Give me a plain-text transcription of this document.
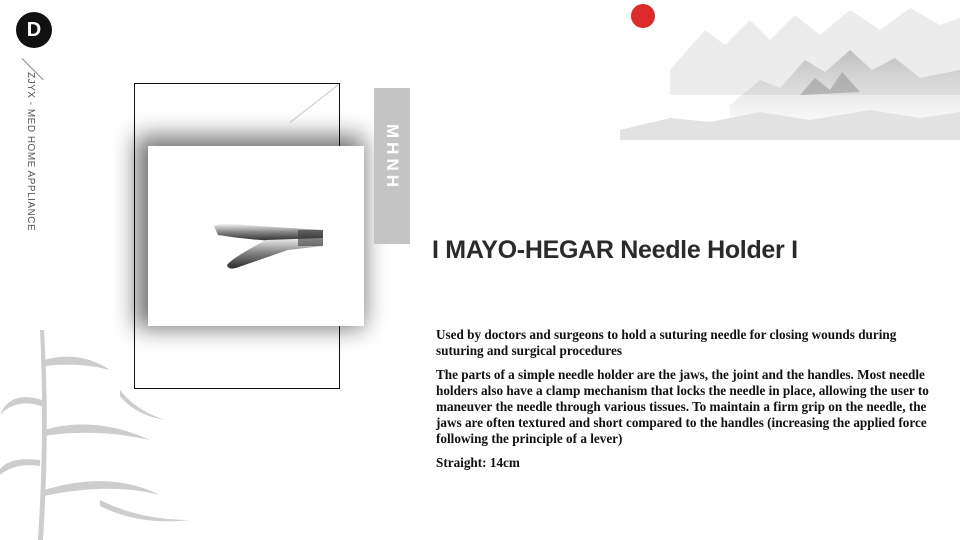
D
ZJYX - MED HOME APPLIANCE	MHNH
I MAYO-HEGAR Needle Holder I

Used by doctors and surgeons to hold a suturing needle for closing wounds during suturing and surgical procedures

The parts of a simple needle holder are the jaws, the joint and the handles. Most needle holders also have a clamp mechanism that locks the needle in place, allowing the user to maneuver the needle through various tissues. To maintain a firm grip on the needle, the jaws are often textured and short compared to the handles (increasing the applied force following the principle of a lever)

Straight: 14cm
